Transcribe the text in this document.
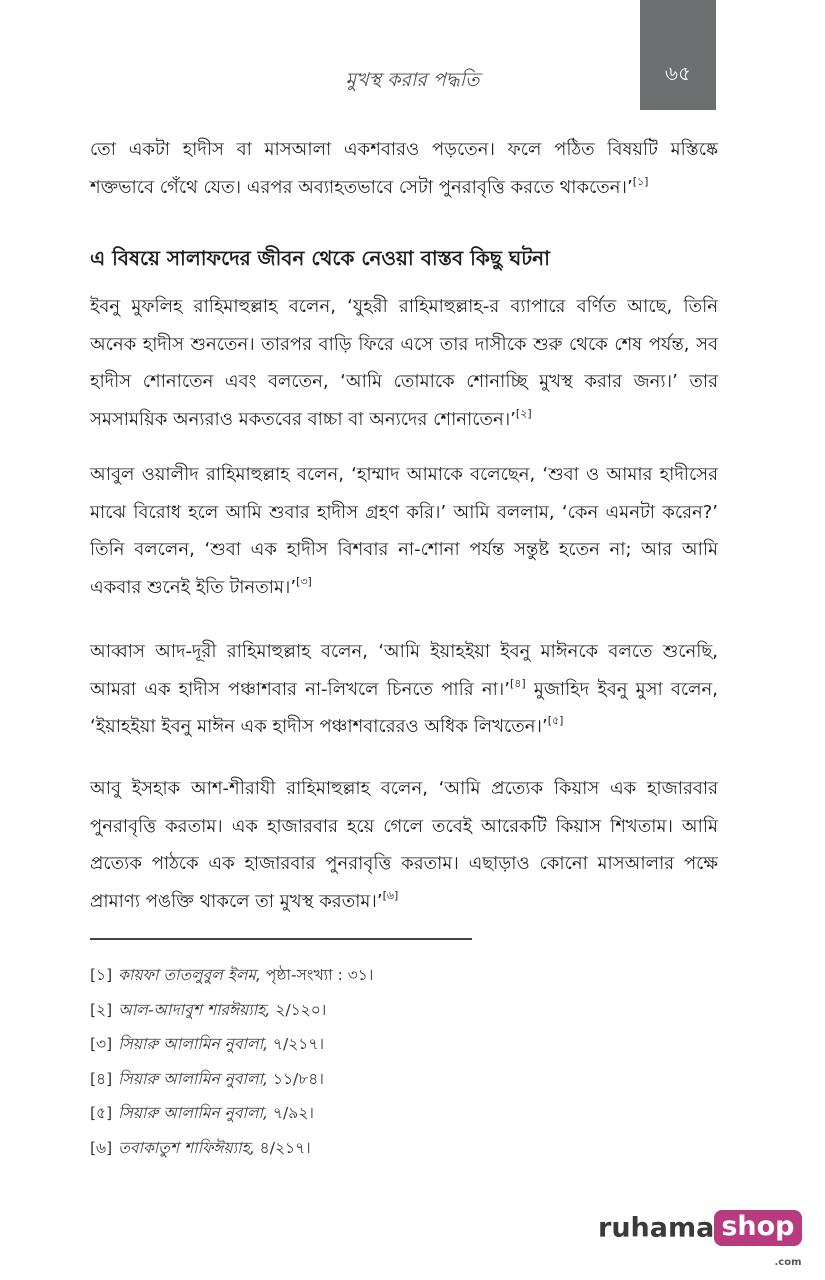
৬৫
মুখস্থ করার পদ্ধতি

তো একটা হাদীস বা মাসআলা একশবারও পড়তেন। ফলে পঠিত বিষয়টি মস্তিষ্কে শক্তভাবে গেঁথে যেত। এরপর অব্যাহতভাবে সেটা পুনরাবৃত্তি করতে থাকতেন।’[১]

এ বিষয়ে সালাফদের জীবন থেকে নেওয়া বাস্তব কিছু ঘটনা

ইবনু মুফলিহ রাহিমাহুল্লাহ বলেন, ‘যুহরী রাহিমাহুল্লাহ-র ব্যাপারে বর্ণিত আছে, তিনি অনেক হাদীস শুনতেন। তারপর বাড়ি ফিরে এসে তার দাসীকে শুরু থেকে শেষ পর্যন্ত, সব হাদীস শোনাতেন এবং বলতেন, ‘আমি তোমাকে শোনাচ্ছি মুখস্থ করার জন্য।’ তার সমসাময়িক অন্যরাও মকতবের বাচ্চা বা অন্যদের শোনাতেন।’[২]

আবুল ওয়ালীদ রাহিমাহুল্লাহ বলেন, ‘হাম্মাদ আমাকে বলেছেন, ‘শুবা ও আমার হাদীসের মাঝে বিরোধ হলে আমি শুবার হাদীস গ্রহণ করি।’ আমি বললাম, ‘কেন এমনটা করেন?’ তিনি বললেন, ‘শুবা এক হাদীস বিশবার না-শোনা পর্যন্ত সন্তুষ্ট হতেন না; আর আমি একবার শুনেই ইতি টানতাম।’[৩]

আব্বাস আদ-দূরী রাহিমাহুল্লাহ বলেন, ‘আমি ইয়াহইয়া ইবনু মাঈনকে বলতে শুনেছি, আমরা এক হাদীস পঞ্চাশবার না-লিখলে চিনতে পারি না।’[৪] মুজাহিদ ইবনু মুসা বলেন, ‘ইয়াহইয়া ইবনু মাঈন এক হাদীস পঞ্চাশবারেরও অধিক লিখতেন।’[৫]

আবু ইসহাক আশ-শীরাযী রাহিমাহুল্লাহ বলেন, ‘আমি প্রত্যেক কিয়াস এক হাজারবার পুনরাবৃত্তি করতাম। এক হাজারবার হয়ে গেলে তবেই আরেকটি কিয়াস শিখতাম। আমি প্রত্যেক পাঠকে এক হাজারবার পুনরাবৃত্তি করতাম। এছাড়াও কোনো মাসআলার পক্ষে প্রামাণ্য পঙক্তি থাকলে তা মুখস্থ করতাম।’[৬]

[১] কায়ফা তাতলুবুল ইলম, পৃষ্ঠা-সংখ্যা : ৩১।
[২] আল-আদাবুশ শারঈয়্যাহ, ২/১২০।
[৩] সিয়ারু আলামিন নুবালা, ৭/২১৭।
[৪] সিয়ারু আলামিন নুবালা, ১১/৮৪।
[৫] সিয়ারু আলামিন নুবালা, ৭/৯২।
[৬] তবাকাতুশ শাফিঈয়্যাহ, ৪/২১৭।
ruhama shop
.com
